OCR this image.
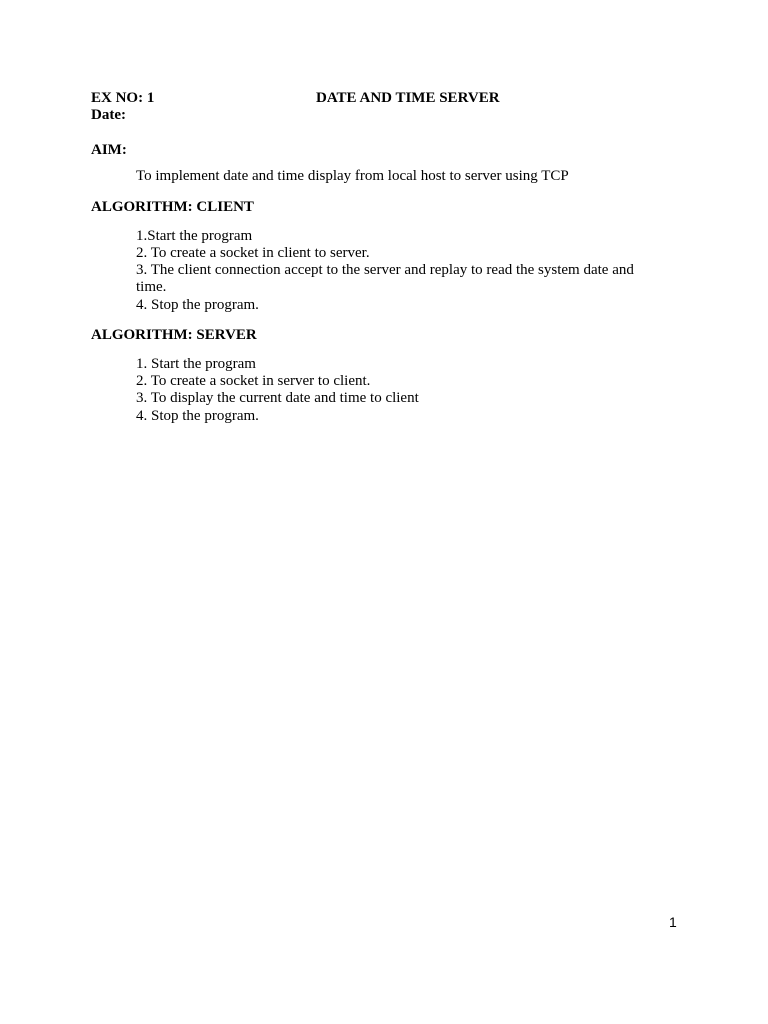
EX NO: 1	DATE AND TIME SERVER
Date:
AIM:
To implement date and time display from local host to server using TCP
ALGORITHM: CLIENT
1.Start the program
2. To create a socket in client to server.
3. The client connection accept to the server and replay to read the system date and time.
4. Stop the program.
ALGORITHM: SERVER
1. Start the program
2. To create a socket in server to client.
3. To display the current date and time to client
4. Stop the program.
1
